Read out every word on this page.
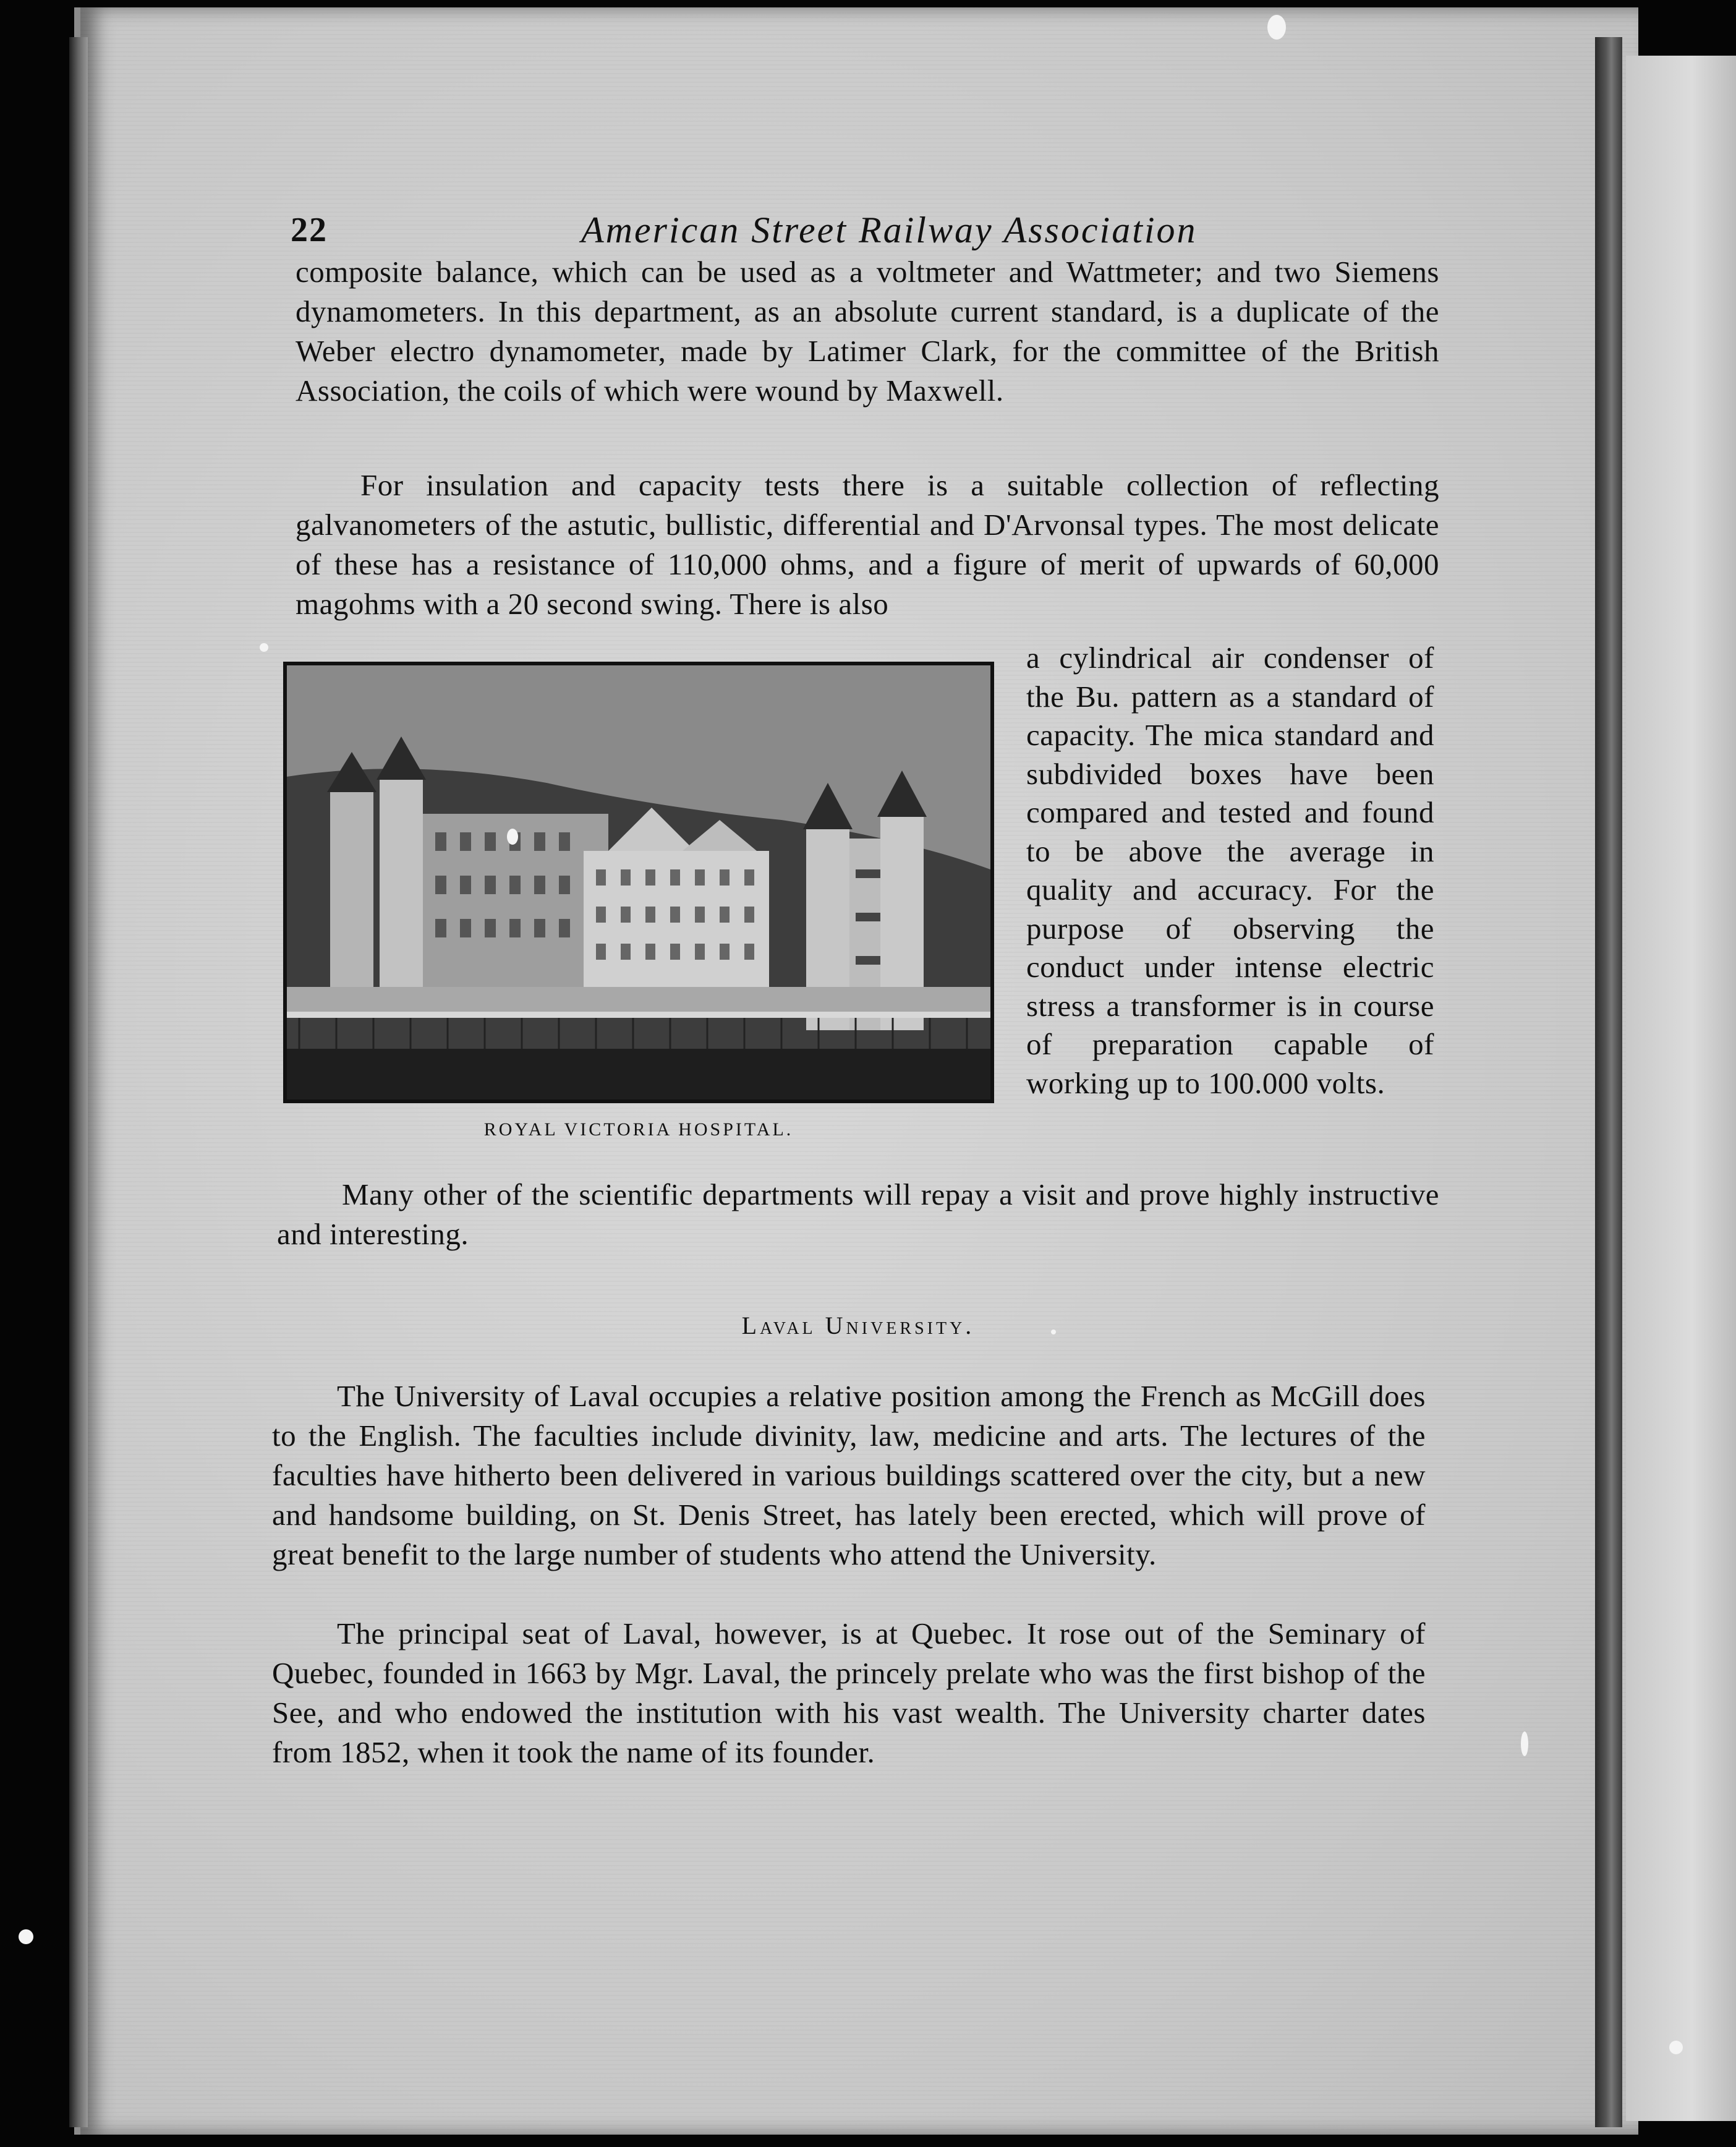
22	American Street Railway Association

composite balance, which can be used as a voltmeter and Wattmeter; and two Siemens dynamometers. In this department, as an absolute current standard, is a duplicate of the Weber electro dynamometer, made by Latimer Clark, for the committee of the British Association, the coils of which were wound by Maxwell.

For insulation and capacity tests there is a suitable collection of reflecting galvanometers of the astutic, bullistic, differential and D'Arvonsal types. The most delicate of these has a resistance of 110,000 ohms, and a figure of merit of upwards of 60,000 magohms with a 20 second swing. There is also

ROYAL VICTORIA HOSPITAL.

a cylindrical air condenser of the Bu. pattern as a standard of capacity. The mica standard and subdivided boxes have been compared and tested and found to be above the average in quality and accuracy. For the purpose of observing the conduct under intense electric stress a transformer is in course of preparation capable of working up to 100.000 volts.

Many other of the scientific departments will repay a visit and prove highly instructive and interesting.

Laval University.

The University of Laval occupies a relative position among the French as McGill does to the English. The faculties include divinity, law, medicine and arts. The lectures of the faculties have hitherto been delivered in various buildings scattered over the city, but a new and handsome building, on St. Denis Street, has lately been erected, which will prove of great benefit to the large number of students who attend the University.

The principal seat of Laval, however, is at Quebec. It rose out of the Seminary of Quebec, founded in 1663 by Mgr. Laval, the princely prelate who was the first bishop of the See, and who endowed the institution with his vast wealth. The University charter dates from 1852, when it took the name of its founder.
